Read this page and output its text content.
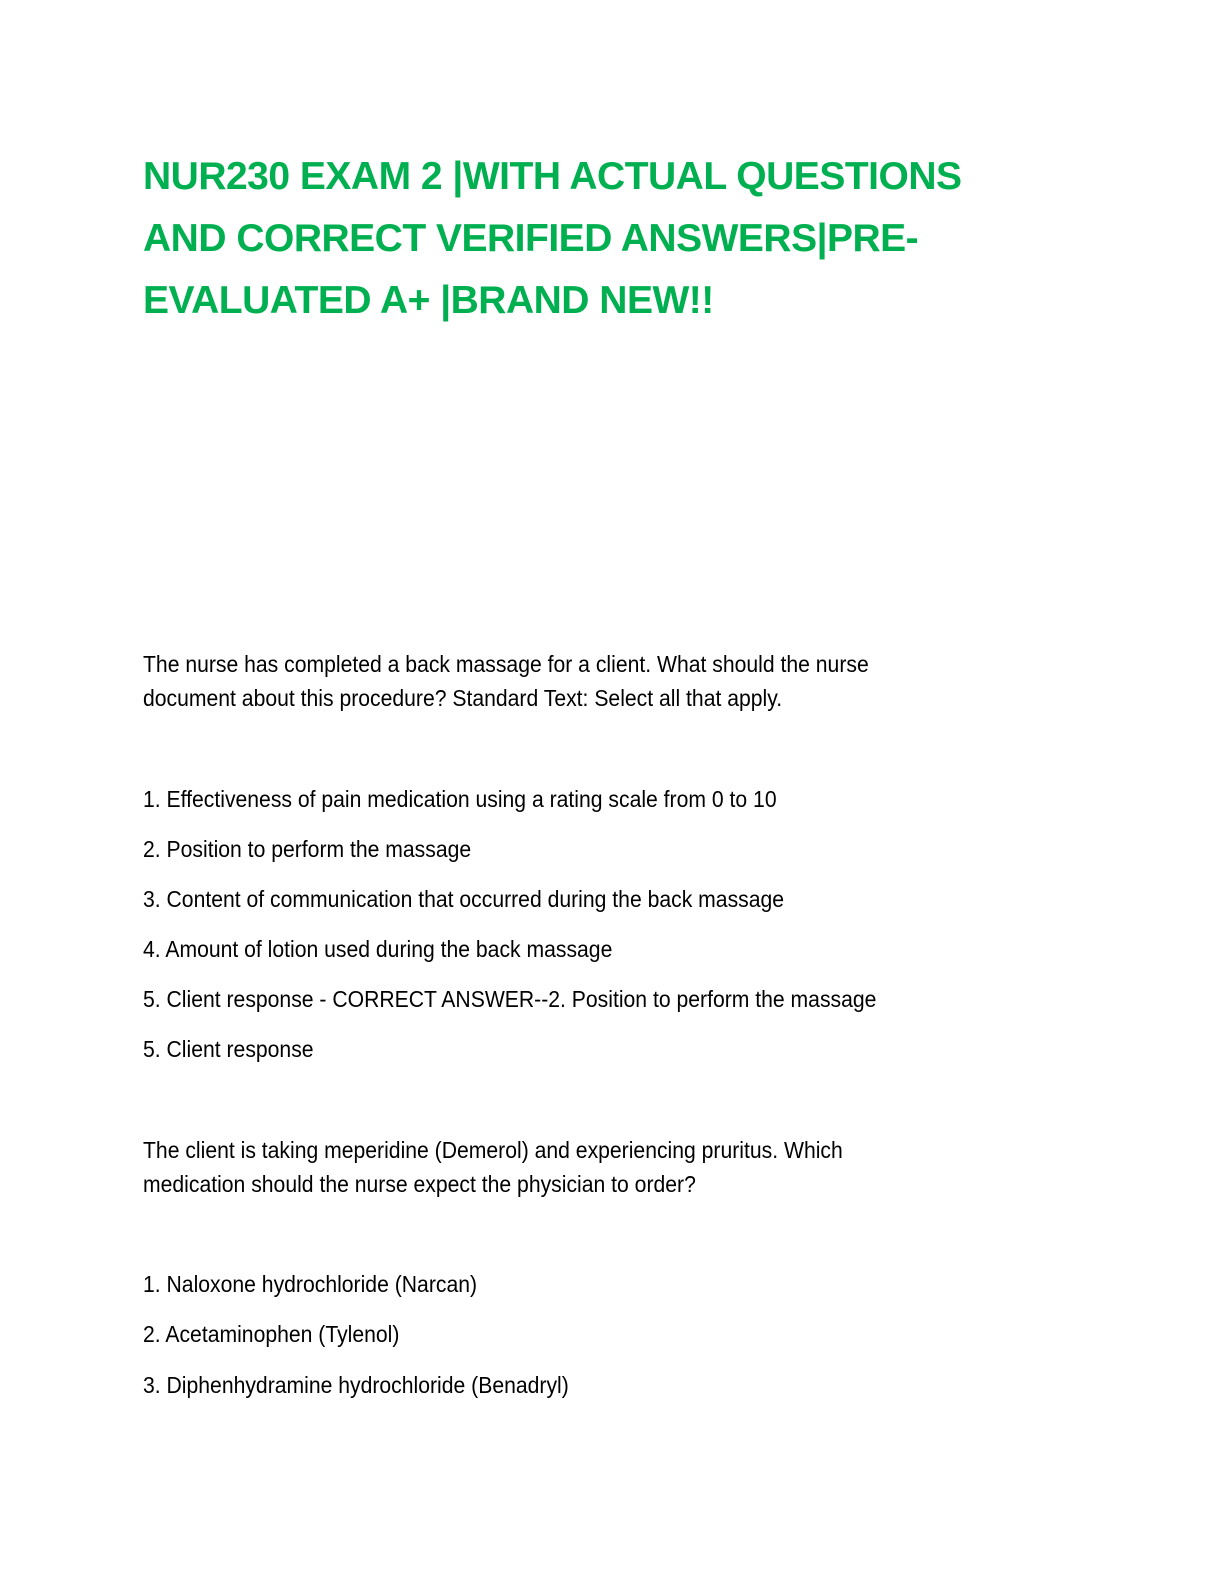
NUR230 EXAM 2 |WITH ACTUAL QUESTIONS
AND CORRECT VERIFIED ANSWERS|PRE-
EVALUATED A+ |BRAND NEW!!

The nurse has completed a back massage for a client. What should the nurse
document about this procedure? Standard Text: Select all that apply.

1. Effectiveness of pain medication using a rating scale from 0 to 10

2. Position to perform the massage

3. Content of communication that occurred during the back massage

4. Amount of lotion used during the back massage

5. Client response - CORRECT ANSWER--2. Position to perform the massage

5. Client response

The client is taking meperidine (Demerol) and experiencing pruritus. Which
medication should the nurse expect the physician to order?

1. Naloxone hydrochloride (Narcan)

2. Acetaminophen (Tylenol)

3. Diphenhydramine hydrochloride (Benadryl)
